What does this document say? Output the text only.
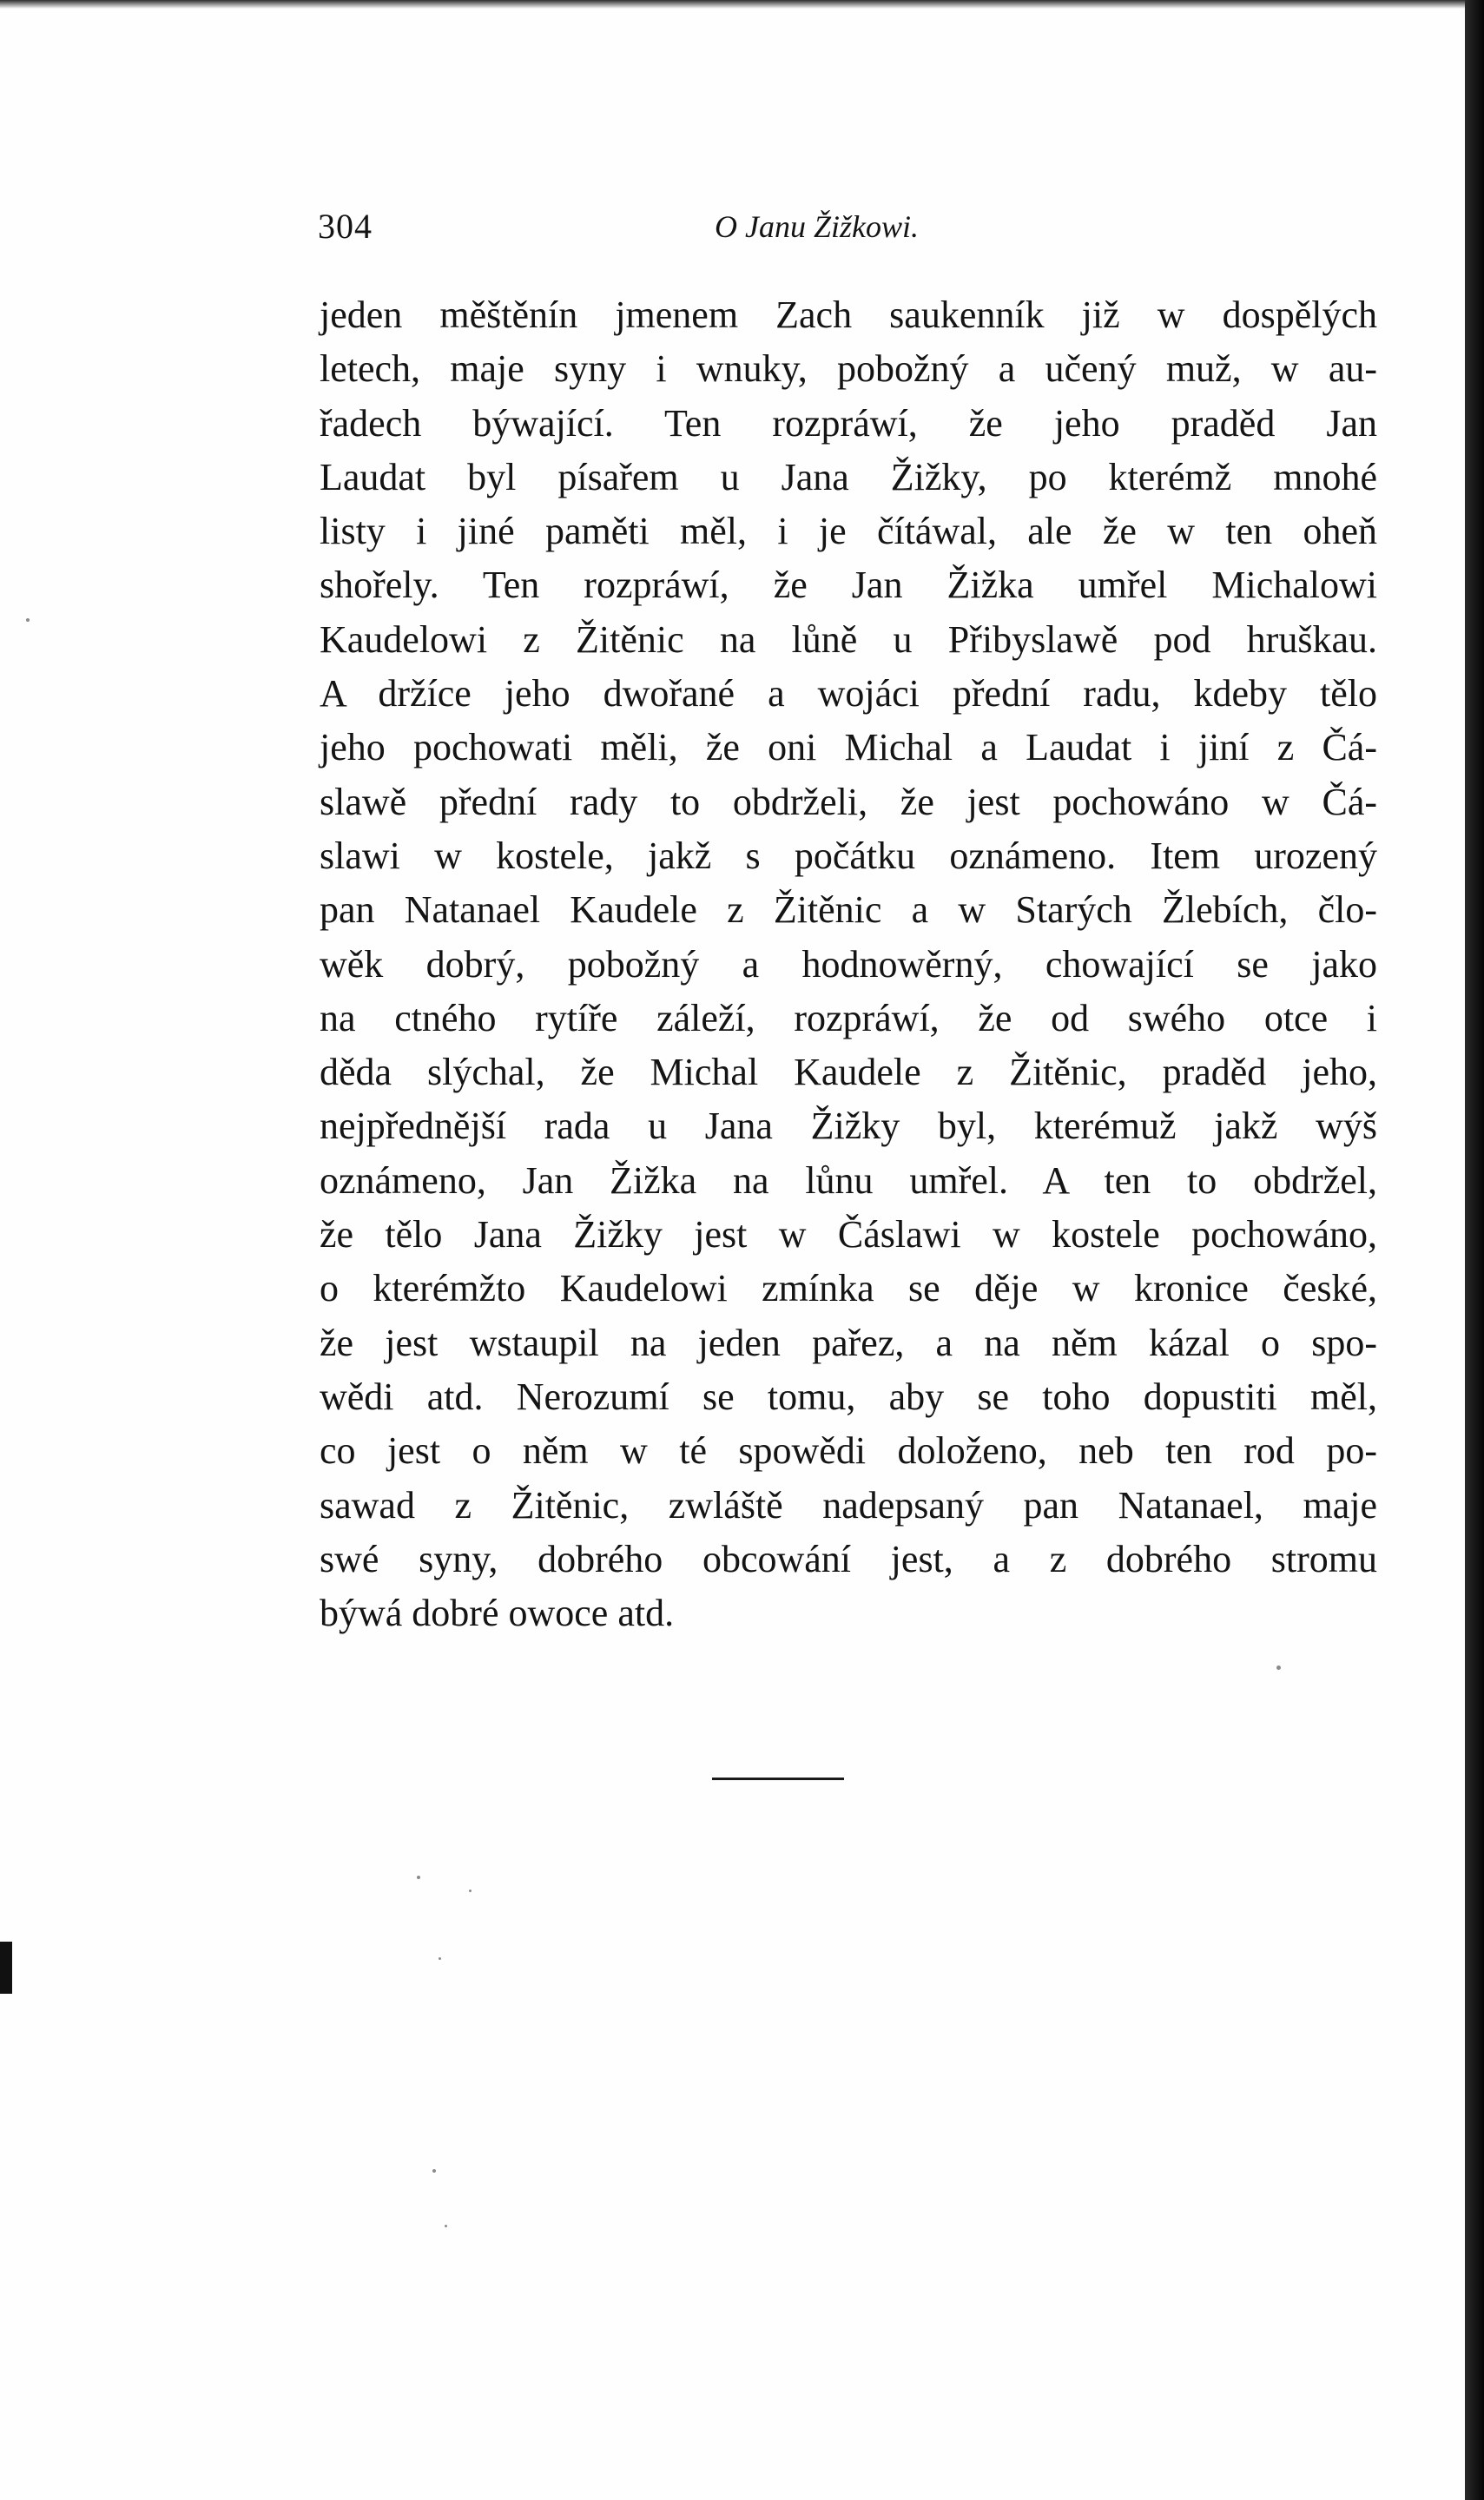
304	O Janu Žižkowi.
jeden měštěnín jmenem Zach saukenník již w dospělých
letech, maje syny i wnuky, pobožný a učený muž, w au-
řadech býwající. Ten rozpráwí, že jeho praděd Jan
Laudat byl písařem u Jana Žižky, po kterémž mnohé
listy i jiné paměti měl, i je čítáwal, ale že w ten oheň
shořely. Ten rozpráwí, že Jan Žižka umřel Michalowi
Kaudelowi z Žitěnic na lůně u Přibyslawě pod hruškau.
A držíce jeho dwořané a wojáci přední radu, kdeby tělo
jeho pochowati měli, že oni Michal a Laudat i jiní z Čá-
slawě přední rady to obdrželi, že jest pochowáno w Čá-
slawi w kostele, jakž s počátku oznámeno. Item urozený
pan Natanael Kaudele z Žitěnic a w Starých Žlebích, člo-
wěk dobrý, pobožný a hodnowěrný, chowající se jako
na ctného rytíře záleží, rozpráwí, že od swého otce i
děda slýchal, že Michal Kaudele z Žitěnic, praděd jeho,
nejpřednější rada u Jana Žižky byl, kterémuž jakž wýš
oznámeno, Jan Žižka na lůnu umřel. A ten to obdržel,
že tělo Jana Žižky jest w Čáslawi w kostele pochowáno,
o kterémžto Kaudelowi zmínka se děje w kronice české,
že jest wstaupil na jeden pařez, a na něm kázal o spo-
wědi atd. Nerozumí se tomu, aby se toho dopustiti měl,
co jest o něm w té spowědi doloženo, neb ten rod po-
sawad z Žitěnic, zwláště nadepsaný pan Natanael, maje
swé syny, dobrého obcowání jest, a z dobrého stromu
býwá dobré owoce atd.
